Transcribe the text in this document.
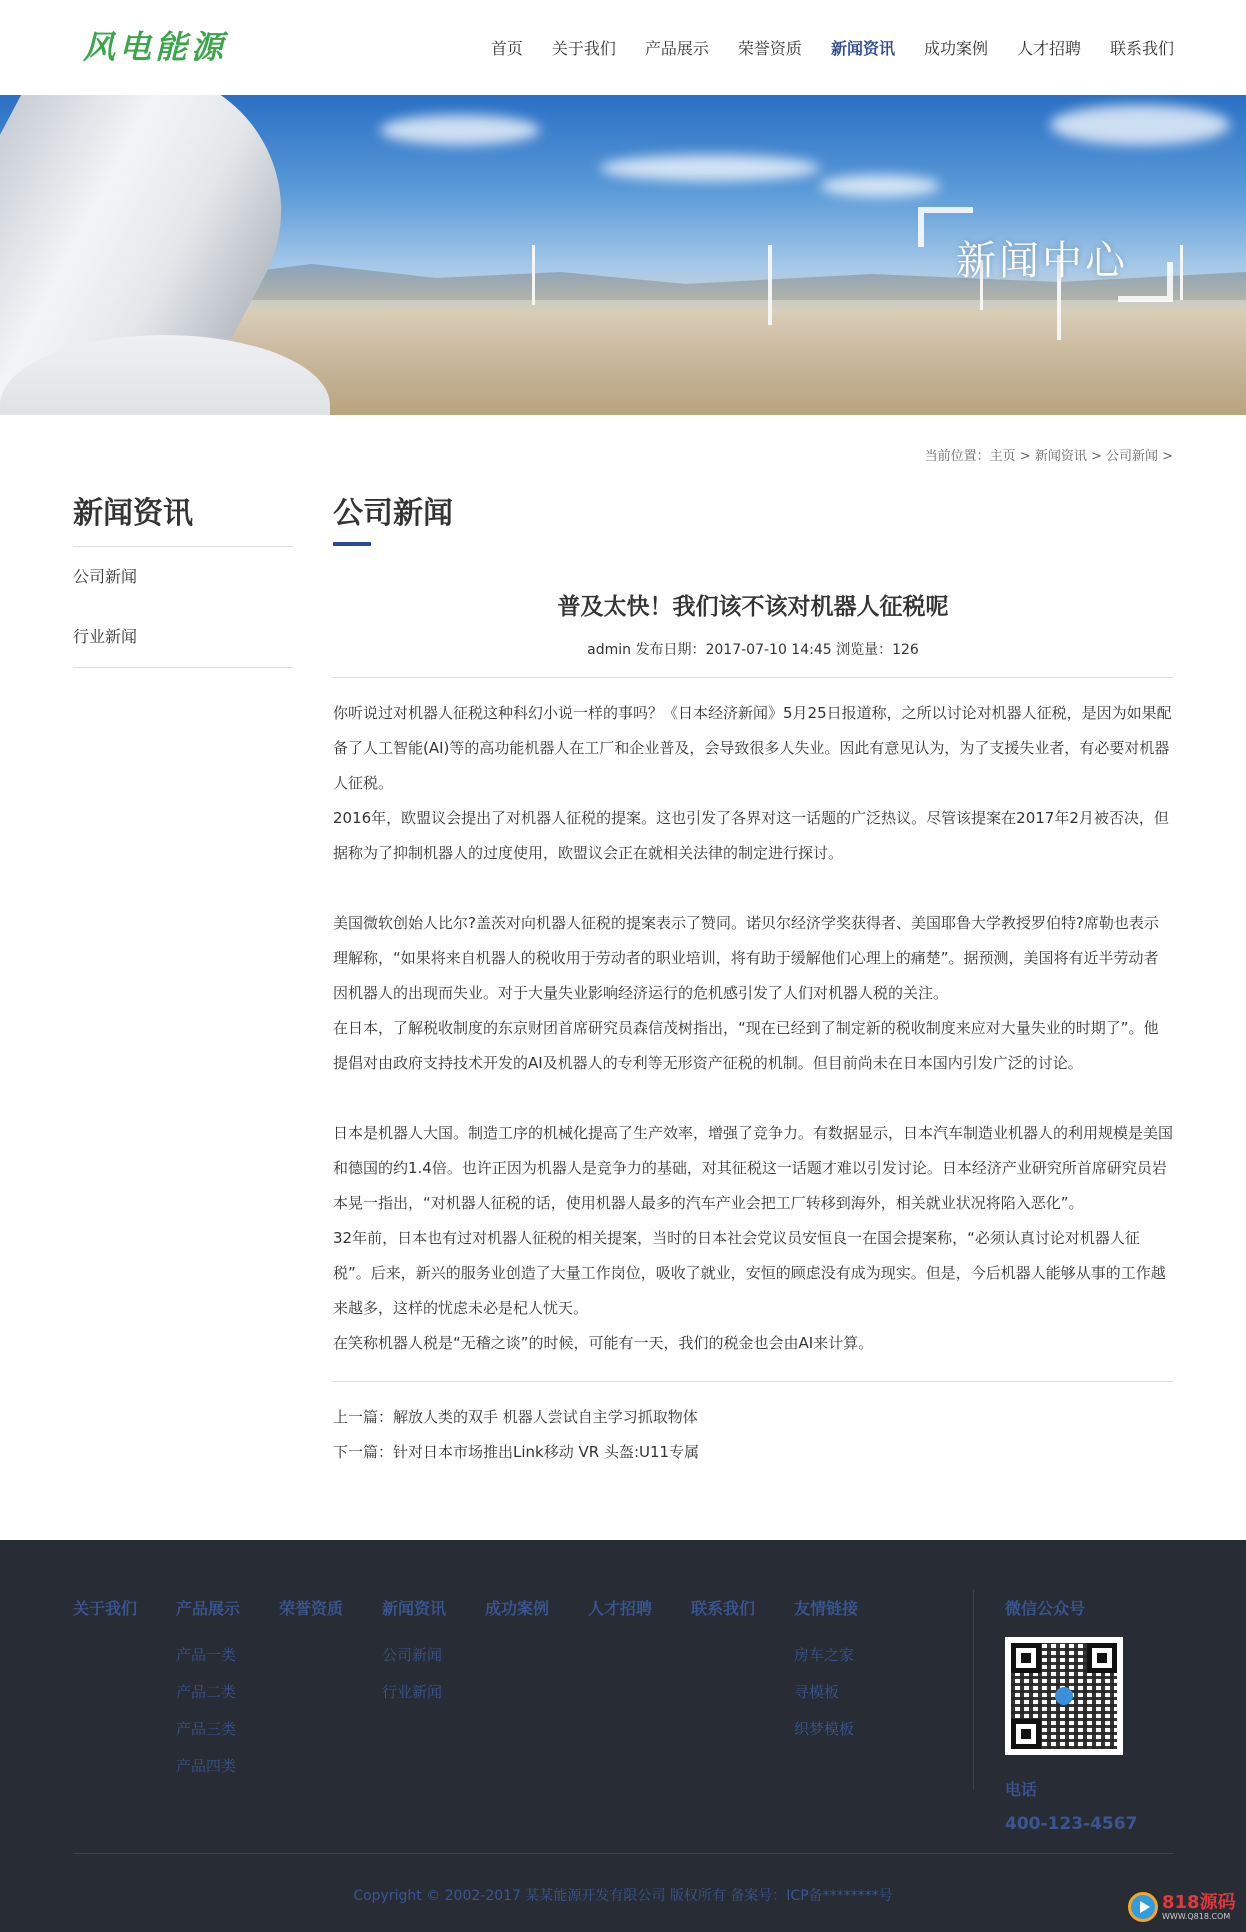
风电能源	首页 关于我们 产品展示 荣誉资质 新闻资讯 成功案例 人才招聘 联系我们
新闻中心
当前位置：主页 > 新闻资讯 > 公司新闻 >
新闻资讯
公司新闻
行业新闻
公司新闻
普及太快！我们该不该对机器人征税呢
admin 发布日期：2017-07-10 14:45 浏览量：126

你听说过对机器人征税这种科幻小说一样的事吗？《日本经济新闻》5月25日报道称，之所以讨论对机器人征税，是因为如果配备了人工智能(AI)等的高功能机器人在工厂和企业普及，会导致很多人失业。因此有意见认为，为了支援失业者，有必要对机器人征税。

2016年，欧盟议会提出了对机器人征税的提案。这也引发了各界对这一话题的广泛热议。尽管该提案在2017年2月被否决，但据称为了抑制机器人的过度使用，欧盟议会正在就相关法律的制定进行探讨。

美国微软创始人比尔?盖茨对向机器人征税的提案表示了赞同。诺贝尔经济学奖获得者、美国耶鲁大学教授罗伯特?席勒也表示理解称，“如果将来自机器人的税收用于劳动者的职业培训，将有助于缓解他们心理上的痛楚”。据预测，美国将有近半劳动者因机器人的出现而失业。对于大量失业影响经济运行的危机感引发了人们对机器人税的关注。

在日本，了解税收制度的东京财团首席研究员森信茂树指出，“现在已经到了制定新的税收制度来应对大量失业的时期了”。他提倡对由政府支持技术开发的AI及机器人的专利等无形资产征税的机制。但目前尚未在日本国内引发广泛的讨论。

日本是机器人大国。制造工序的机械化提高了生产效率，增强了竞争力。有数据显示，日本汽车制造业机器人的利用规模是美国和德国的约1.4倍。也许正因为机器人是竞争力的基础，对其征税这一话题才难以引发讨论。日本经济产业研究所首席研究员岩本晃一指出，“对机器人征税的话，使用机器人最多的汽车产业会把工厂转移到海外，相关就业状况将陷入恶化”。

32年前，日本也有过对机器人征税的相关提案，当时的日本社会党议员安恒良一在国会提案称，“必须认真讨论对机器人征税”。后来，新兴的服务业创造了大量工作岗位，吸收了就业，安恒的顾虑没有成为现实。但是，今后机器人能够从事的工作越来越多，这样的忧虑未必是杞人忧天。

在笑称机器人税是“无稽之谈”的时候，可能有一天，我们的税金也会由AI来计算。

上一篇：解放人类的双手 机器人尝试自主学习抓取物体
下一篇：针对日本市场推出Link移动 VR 头盔:U11专属
关于我们 产品展示
产品一类
产品二类
产品三类
产品四类
荣誉资质 新闻资讯
公司新闻
行业新闻
成功案例 人才招聘 联系我们 友情链接
房车之家
寻模板
织梦模板
微信公众号
电话
400-123-4567
Copyright © 2002-2017 某某能源开发有限公司 版权所有 备案号：ICP备********号	818源码
WWW.Q818.COM
